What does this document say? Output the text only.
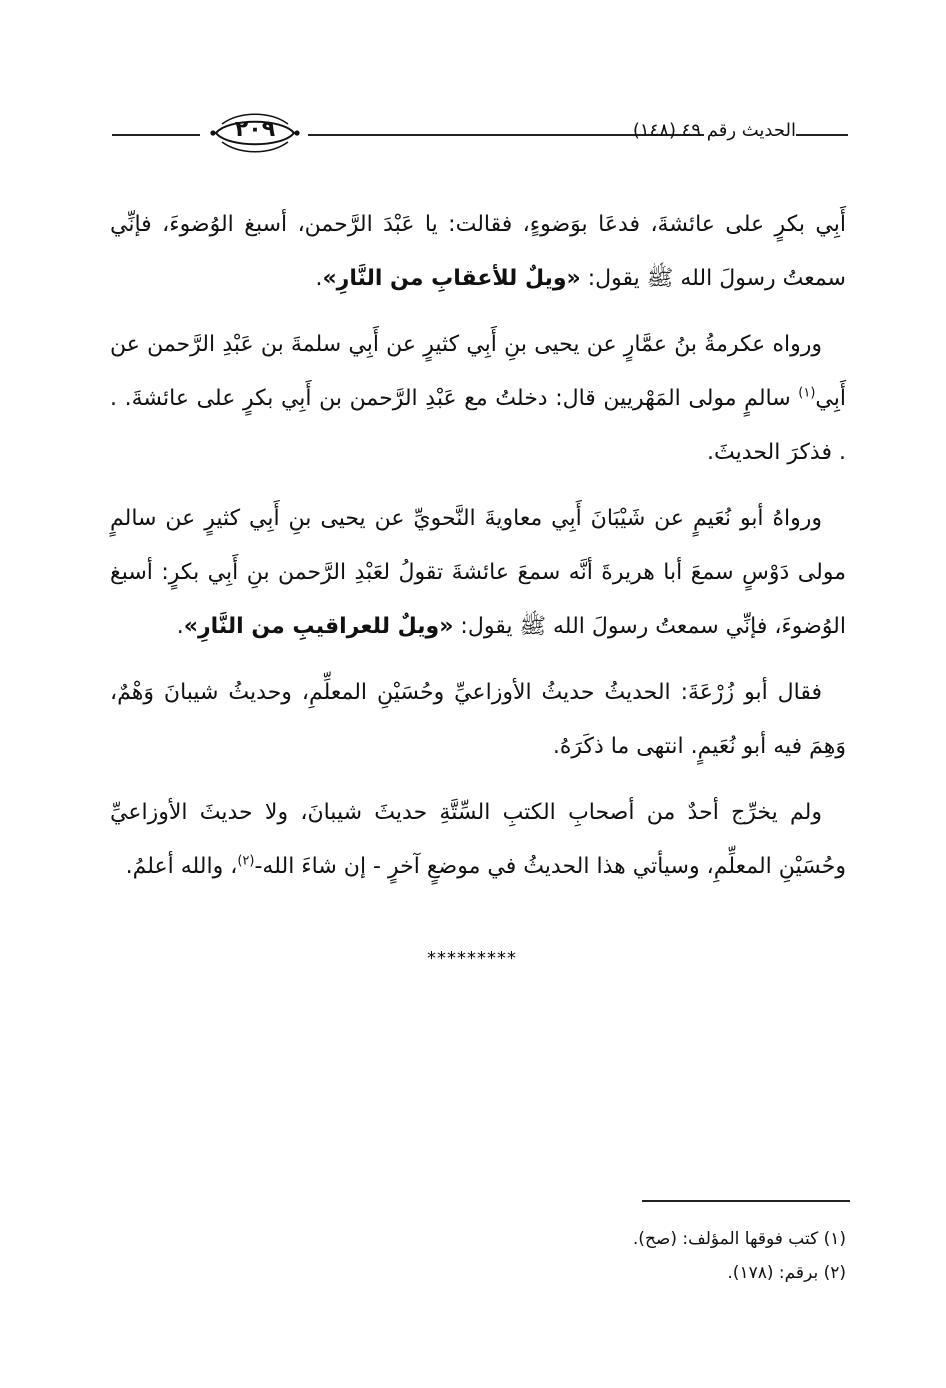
٢٠٩	الحديث رقم ٤٩ (١٤٨)

أَبِي بكرٍ على عائشةَ، فدعَا بوَضوءٍ، فقالت: يا عَبْدَ الرَّحمن، أسبغ الوُضوءَ، فإنِّي سمعتُ رسولَ الله ﷺ يقول: «ويلٌ للأعقابِ من النَّارِ».

ورواه عكرمةُ بنُ عمَّارٍ عن يحيى بنِ أَبِي كثيرٍ عن أَبِي سلمةَ بن عَبْدِ الرَّحمن عن أَبِي$^{(١)}$ سالمٍ مولى المَهْريين قال: دخلتُ مع عَبْدِ الرَّحمن بن أَبِي بكرٍ على عائشةَ. . . فذكرَ الحديثَ.

ورواهُ أبو نُعَيمٍ عن شَيْبَانَ أَبِي معاويةَ النَّحويِّ عن يحيى بنِ أَبِي كثيرٍ عن سالمٍ مولى دَوْسٍ سمعَ أبا هريرةَ أنَّه سمعَ عائشةَ تقولُ لعَبْدِ الرَّحمن بنِ أَبِي بكرٍ: أسبغ الوُضوءَ، فإنِّي سمعتُ رسولَ الله ﷺ يقول: «ويلٌ للعراقيبِ من النَّارِ».

فقال أبو زُرْعَةَ: الحديثُ حديثُ الأوزاعيِّ وحُسَيْنِ المعلِّمِ، وحديثُ شيبانَ وَهْمٌ، وَهِمَ فيه أبو نُعَيمٍ. انتهى ما ذكَرَهُ.

ولم يخرِّج أحدٌ من أصحابِ الكتبِ السِّتَّةِ حديثَ شيبانَ، ولا حديثَ الأوزاعيِّ وحُسَيْنِ المعلِّمِ، وسيأتي هذا الحديثُ في موضعٍ آخرٍ - إن شاءَ الله-$^{(٢)}$، والله أعلمُ.

*********
(١) كتب فوقها المؤلف: (صح).
(٢) برقم: (١٧٨).
